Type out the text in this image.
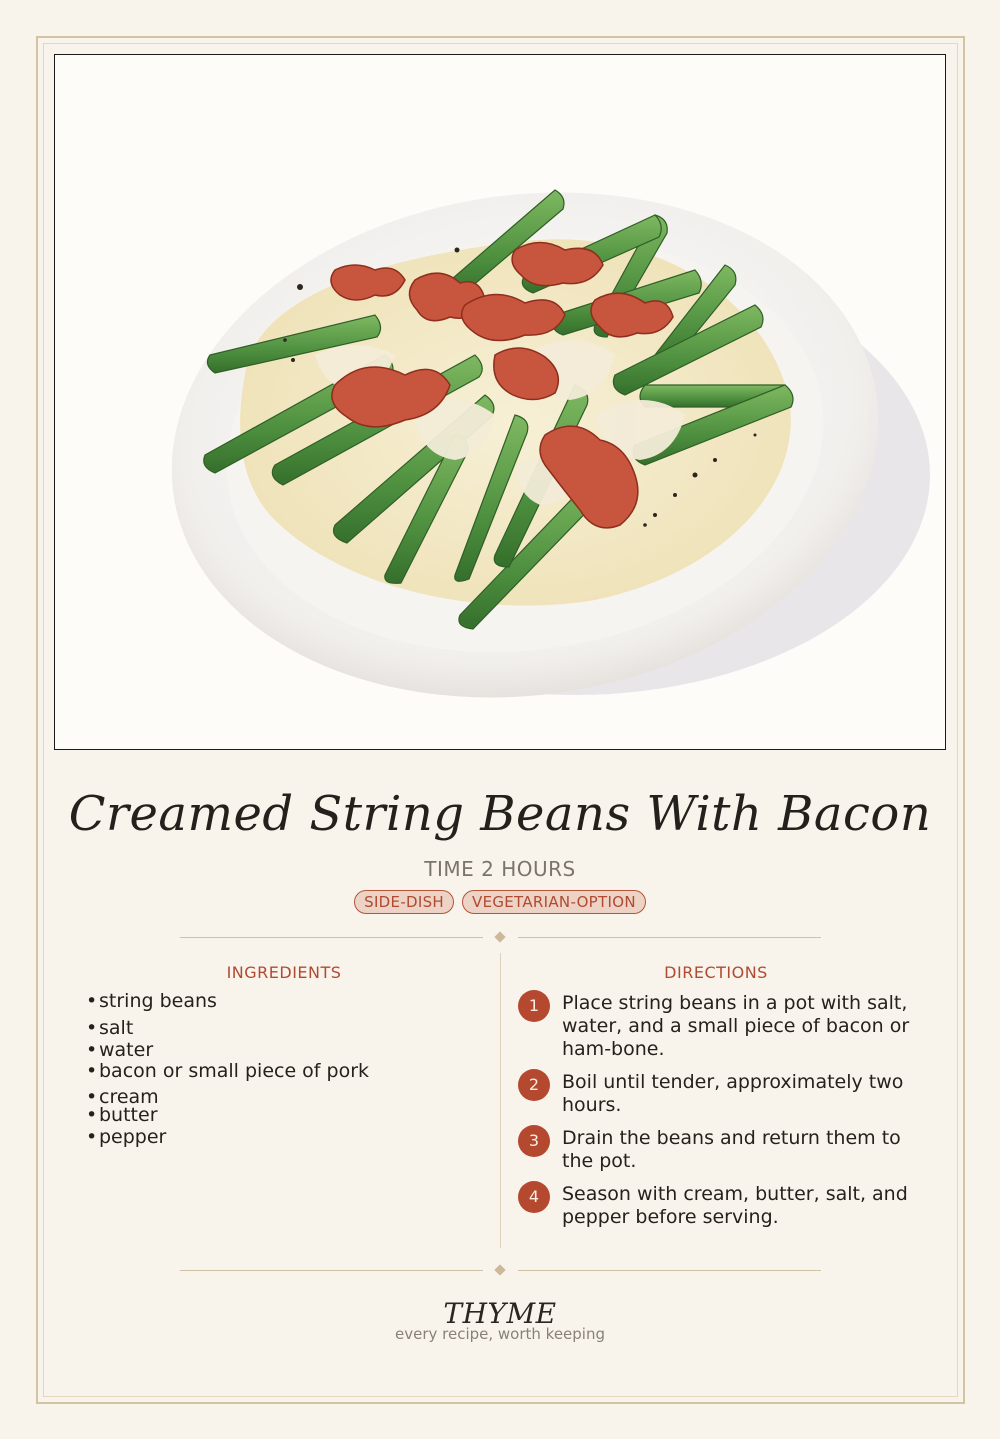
Creamed String Beans With Bacon
TIME 2 HOURS
SIDE-DISH	VEGETARIAN-OPTION
INGREDIENTS
•string beans
•salt
•water
•bacon or small piece of pork
•cream
•butter
•pepper
DIRECTIONS
1	Place string beans in a pot with salt, water, and a small piece of bacon or ham-bone.
2	Boil until tender, approximately two hours.
3	Drain the beans and return them to the pot.
4	Season with cream, butter, salt, and pepper before serving.
THYME
every recipe, worth keeping
